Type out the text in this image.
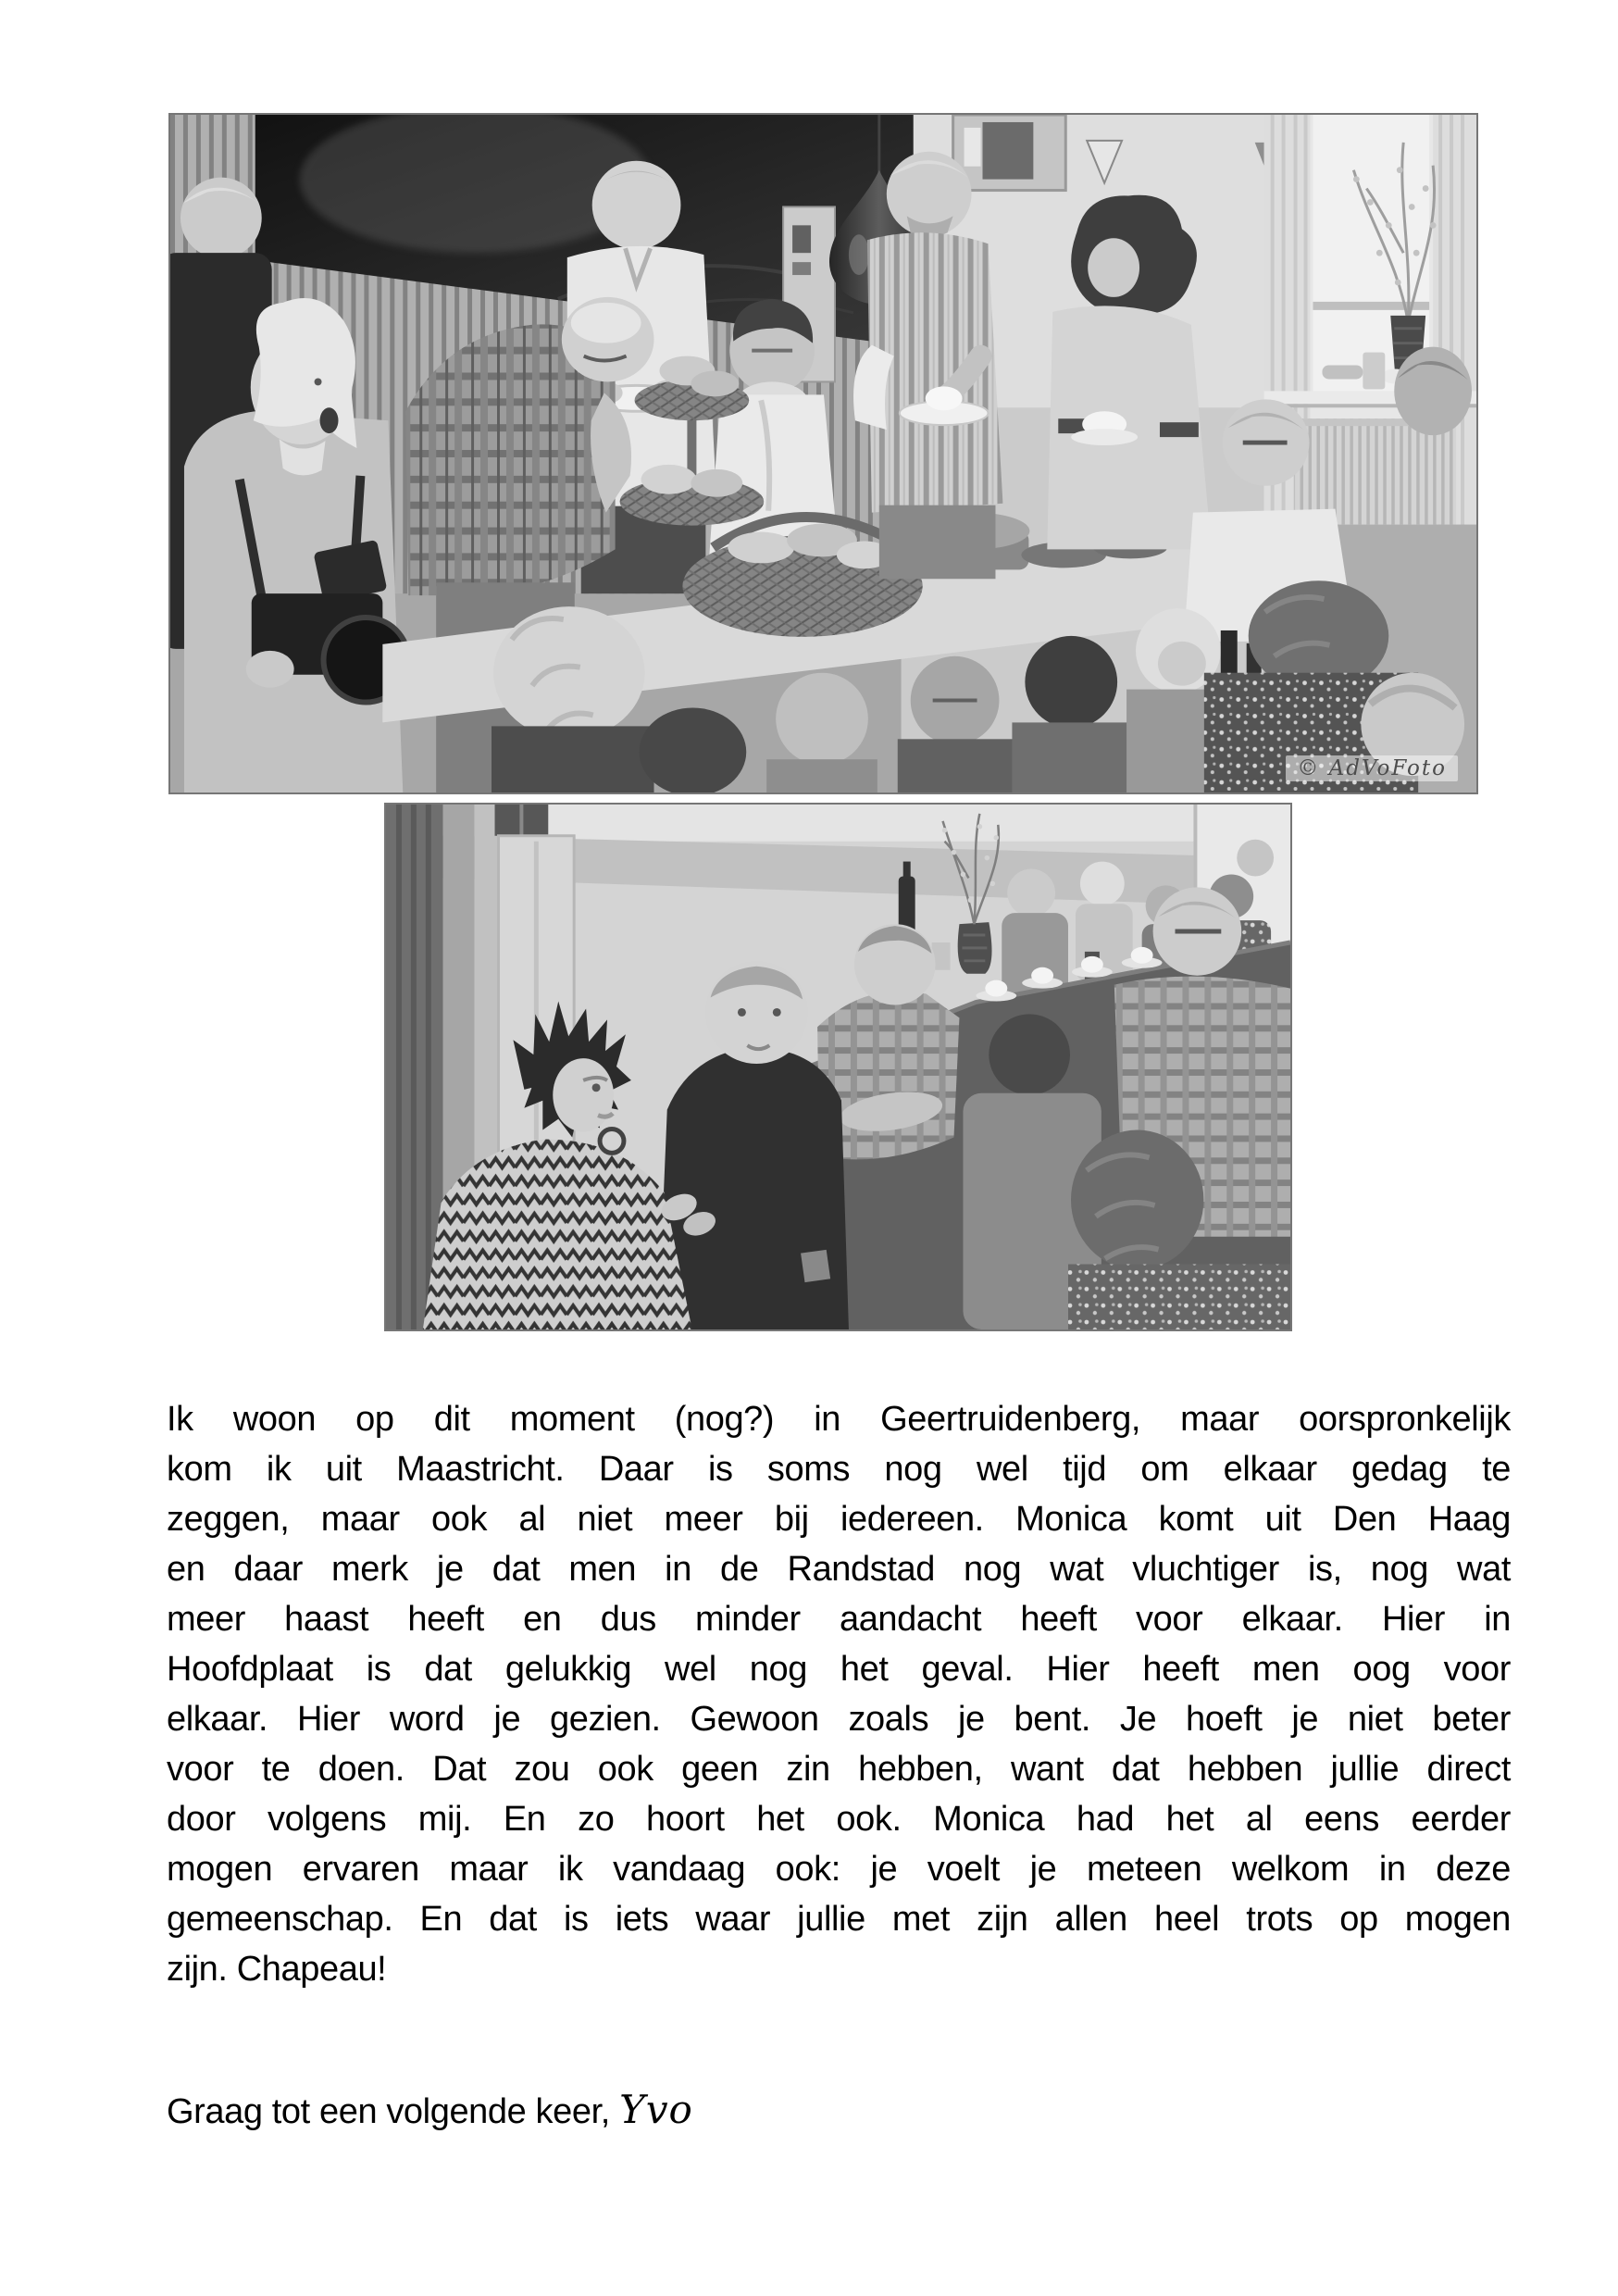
© AdVoFoto
Ik woon op dit moment (nog?) in Geertruidenberg, maar oorspronkelijk
kom ik uit Maastricht. Daar is soms nog wel tijd om elkaar gedag te
zeggen, maar ook al niet meer bij iedereen. Monica komt uit Den Haag
en daar merk je dat men in de Randstad nog wat vluchtiger is, nog wat
meer haast heeft en dus minder aandacht heeft voor elkaar. Hier in
Hoofdplaat is dat gelukkig wel nog het geval. Hier heeft men oog voor
elkaar. Hier word je gezien. Gewoon zoals je bent. Je hoeft je niet beter
voor te doen. Dat zou ook geen zin hebben, want dat hebben jullie direct
door volgens mij. En zo hoort het ook. Monica had het al eens eerder
mogen ervaren maar ik vandaag ook: je voelt je meteen welkom in deze
gemeenschap. En dat is iets waar jullie met zijn allen heel trots op mogen
zijn. Chapeau!

Graag tot een volgende keer, Yvo
